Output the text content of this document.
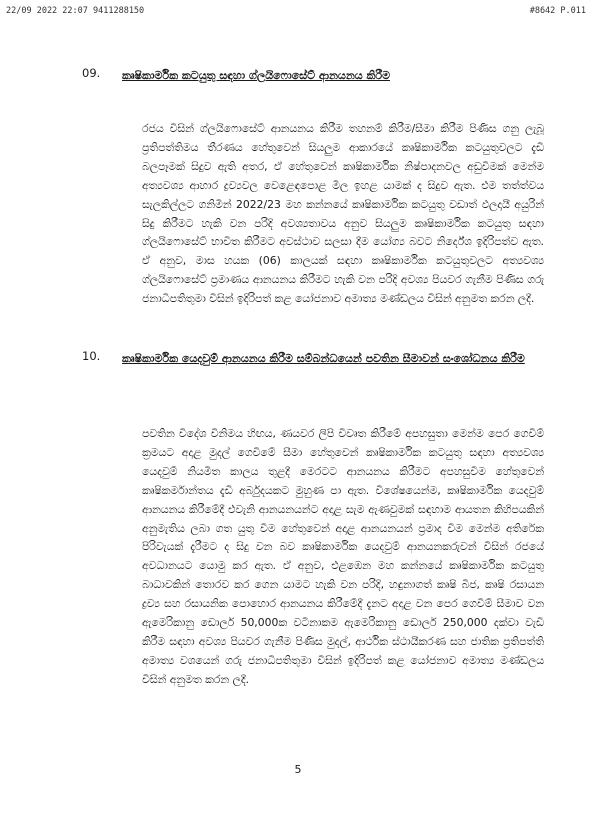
22/09 2022 22:07 9411288150	#8642 P.011
09.	කෘෂිකාර්මික කටයුතු සඳහා ග්ලයිෆොසේට් ආනයනය කිරීම

රජය විසින් ග්ලයිෆොසේට් ආනයනය කිරීම තහනම් කිරීම/සීමා කිරීම පිණිස ගනු ලැබූ ප්‍රතිපත්තිමය තීරණය හේතුවෙන් සියලුම ආකාරයේ කෘෂිකාර්මික කටයුතුවලට දැඩි බලපෑමක් සිදුව ඇති අතර, ඒ හේතුවෙන් කෘෂිකාර්මික නිෂ්පාදනවල අඩුවීමක් මෙන්ම අත්‍යවශ්‍ය ආහාර ද්‍රව්‍යවල වෙළෙඳපොළ මිල ඉහළ යාමක් ද සිදුව ඇත. එම තත්ත්වය සැලකිල්ලට ගනිමින් 2022/23 මහ කන්නයේ කෘෂිකාර්මික කටයුතු වඩාත් ඵලදායී අයුරින් සිදු කිරීමට හැකි වන පරිදි අවශ්‍යතාවය අනුව සියලුම කෘෂිකාර්මික කටයුතු සඳහා ග්ලයිෆොසේට් භාවිත කිරීමට අවස්ථාව සලසා දීම යෝග්‍ය බවට නිර්දේශ ඉදිරිපත්ව ඇත. ඒ අනුව, මාස හයක (06) කාලයක් සඳහා කෘෂිකාර්මික කටයුතුවලට අත්‍යවශ්‍ය ග්ලයිෆොසේට් ප්‍රමාණය ආනයනය කිරීමට හැකි වන පරිදි අවශ්‍ය පියවර ගැනීම පිණිස ගරු ජනාධිපතිතුමා විසින් ඉදිරිපත් කළ යෝජනාව අමාත්‍ය මණ්ඩලය විසින් අනුමත කරන ලදී.

10.	කෘෂිකාර්මික යෙදවුම් ආනයනය කිරීම සම්බන්ධයෙන් පවතින සීමාවන් සංශෝධනය කිරීම

පවතින විදේශ විනිමය හිඟය, ණයවර ලිපි විවෘත කිරීමේ අපහසුතා මෙන්ම පෙර ගෙවීම් ක්‍රමයට අදාළ මුදල් ගෙවීමේ සීමා හේතුවෙන් කෘෂිකාර්මික කටයුතු සඳහා අත්‍යවශ්‍ය යෙදවුම් නියමිත කාලය තුළදී මෙරටට ආනයනය කිරීමට අපහසුවීම හේතුවෙන් කෘෂිකර්මාන්තය දැඩි අර්බුදයකට මුහුණ පා ඇත. විශේෂයෙන්ම, කෘෂිකාර්මික යෙදවුම් ආනයනය කිරීමේදී එවැනි ආනයනයන්ට අදාළ සැම ඇණවුමක් සඳහාම ආයතන කිහිපයකින් අනුමැතිය ලබා ගත යුතු වීම හේතුවෙන් අදාළ ආනයනයන් ප්‍රමාද වීම මෙන්ම අතිරේක පිරිවැයක් දැරීමට ද සිදු වන බව කෘෂිකාර්මික යෙදවුම් ආනයනකරුවන් විසින් රජයේ අවධානයට යොමු කර ඇත. ඒ අනුව, එළඹෙන මහ කන්නයේ කෘෂිකාර්මික කටයුතු බාධාවකින් තොරව කර ගෙන යාමට හැකි වන පරිදි, හඳුනාගත් කෘෂි බීජ, කෘෂි රසායන ද්‍රව්‍ය සහ රසායනික පොහොර ආනයනය කිරීමේදී දැනට අදාළ වන පෙර ගෙවීම් සීමාව වන ඇමෙරිකානු ඩොලර් 50,000ක වටිනාකම ඇමෙරිකානු ඩොලර් 250,000 දක්වා වැඩි කිරීම සඳහා අවශ්‍ය පියවර ගැනීම පිණිස මුදල්, ආර්ථික ස්ථායීකරණ සහ ජාතික ප්‍රතිපත්ති අමාත්‍ය වශයෙන් ගරු ජනාධිපතිතුමා විසින් ඉදිරිපත් කළ යෝජනාව අමාත්‍ය මණ්ඩලය විසින් අනුමත කරන ලදී.

5
